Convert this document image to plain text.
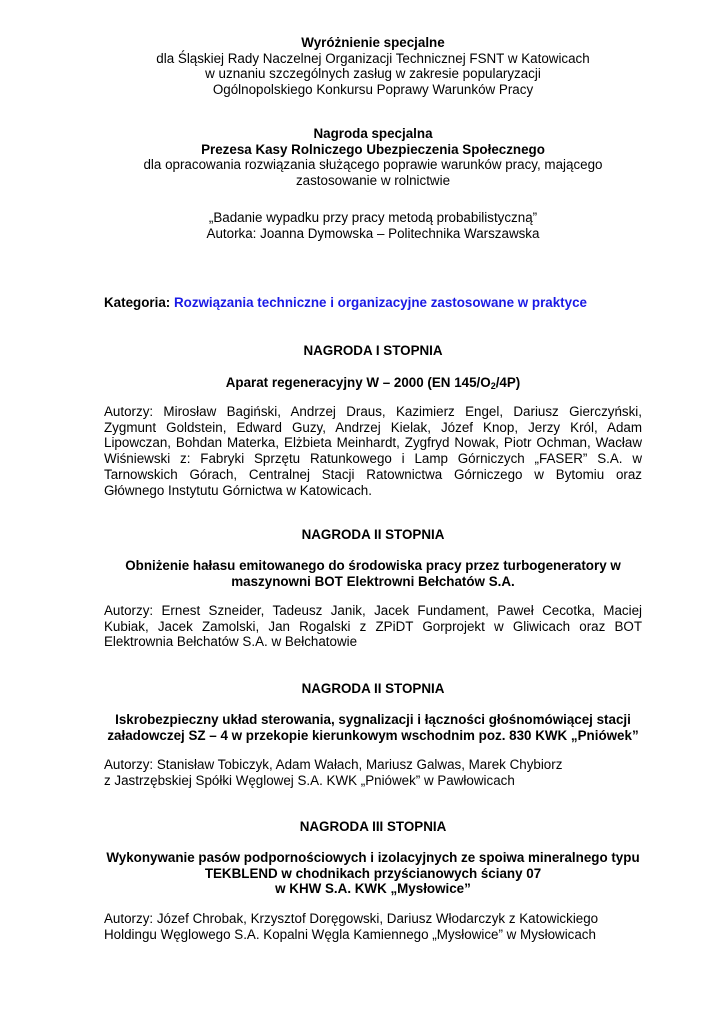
Wyróżnienie specjalne
dla Śląskiej Rady Naczelnej Organizacji Technicznej FSNT w Katowicach
w uznaniu szczególnych zasług w zakresie popularyzacji
Ogólnopolskiego Konkursu Poprawy Warunków Pracy
Nagroda specjalna
Prezesa Kasy Rolniczego Ubezpieczenia Społecznego
dla opracowania rozwiązania służącego poprawie warunków pracy, mającego
zastosowanie w rolnictwie
„Badanie wypadku przy pracy metodą probabilistyczną”
Autorka: Joanna Dymowska – Politechnika Warszawska
Kategoria: Rozwiązania techniczne i organizacyjne zastosowane w praktyce
NAGRODA I STOPNIA
Aparat regeneracyjny W – 2000 (EN $145/O_2/4P$)
Autorzy: Mirosław Bagiński, Andrzej Draus, Kazimierz Engel, Dariusz Gierczyński,
Zygmunt Goldstein, Edward Guzy, Andrzej Kielak, Józef Knop, Jerzy Król, Adam
Lipowczan, Bohdan Materka, Elżbieta Meinhardt, Zygfryd Nowak, Piotr Ochman, Wacław
Wiśniewski z: Fabryki Sprzętu Ratunkowego i Lamp Górniczych „FASER” S.A. w
Tarnowskich Górach, Centralnej Stacji Ratownictwa Górniczego w Bytomiu oraz
Głównego Instytutu Górnictwa w Katowicach.
NAGRODA II STOPNIA
Obniżenie hałasu emitowanego do środowiska pracy przez turbogeneratory w
maszynowni BOT Elektrowni Bełchatów S.A.
Autorzy: Ernest Szneider, Tadeusz Janik, Jacek Fundament, Paweł Cecotka, Maciej
Kubiak, Jacek Zamolski, Jan Rogalski z ZPiDT Gorprojekt w Gliwicach oraz BOT
Elektrownia Bełchatów S.A. w Bełchatowie
NAGRODA II STOPNIA
Iskrobezpieczny układ sterowania, sygnalizacji i łączności głośnomówiącej stacji
załadowczej SZ – 4 w przekopie kierunkowym wschodnim poz. 830 KWK „Pniówek”
Autorzy: Stanisław Tobiczyk, Adam Wałach, Mariusz Galwas, Marek Chybiorz
z Jastrzębskiej Spółki Węglowej S.A. KWK „Pniówek” w Pawłowicach
NAGRODA III STOPNIA
Wykonywanie pasów podpornościowych i izolacyjnych ze spoiwa mineralnego typu
TEKBLEND w chodnikach przyścianowych ściany 07
w KHW S.A. KWK „Mysłowice”
Autorzy: Józef Chrobak, Krzysztof Doręgowski, Dariusz Włodarczyk z Katowickiego
Holdingu Węglowego S.A. Kopalni Węgla Kamiennego „Mysłowice” w Mysłowicach
